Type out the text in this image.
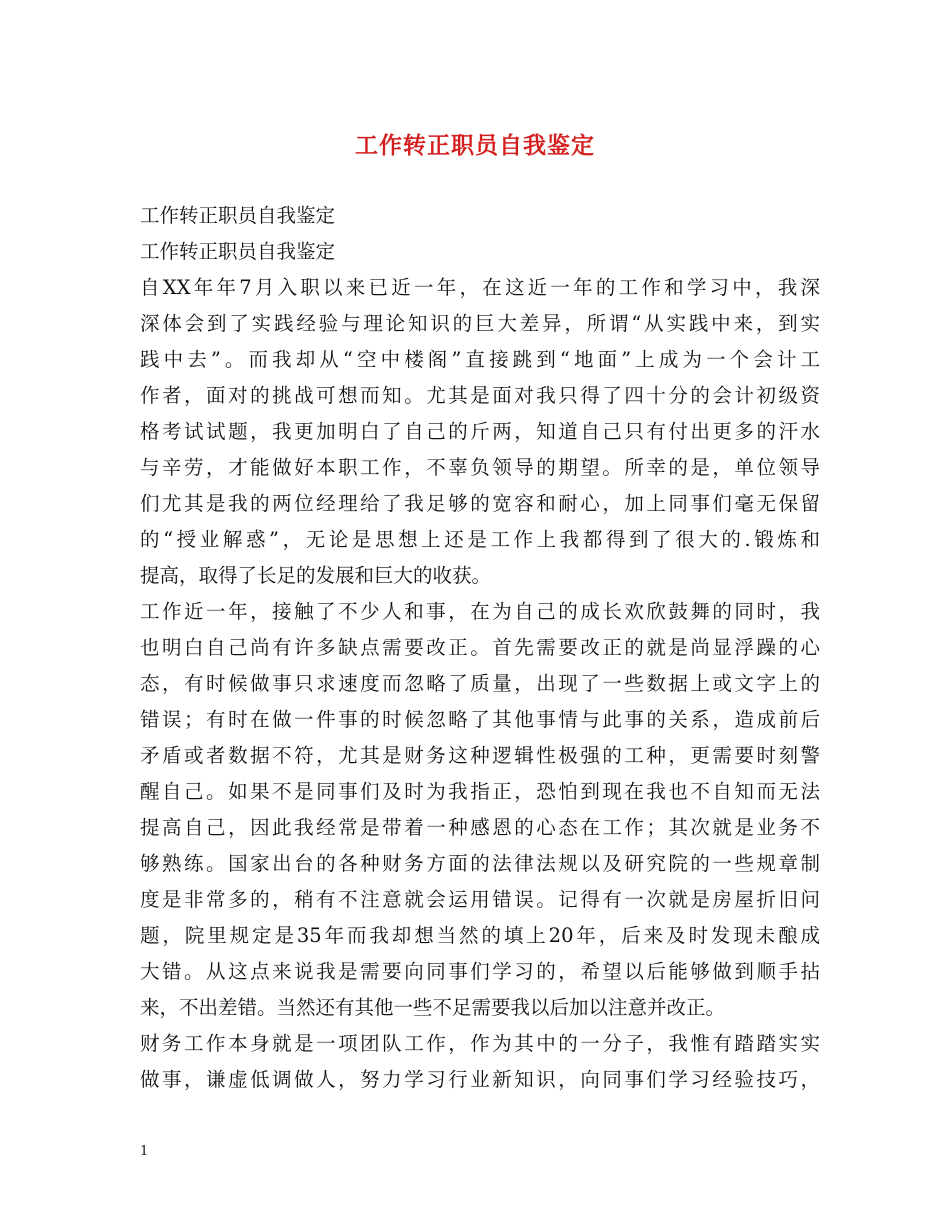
工作转正职员自我鉴定
工作转正职员自我鉴定
工作转正职员自我鉴定
自XX年年7月入职以来已近一年，在这近一年的工作和学习中，我深
深体会到了实践经验与理论知识的巨大差异，所谓“从实践中来，到实
践中去”。而我却从“空中楼阁”直接跳到“地面”上成为一个会计工
作者，面对的挑战可想而知。尤其是面对我只得了四十分的会计初级资
格考试试题，我更加明白了自己的斤两，知道自己只有付出更多的汗水
与辛劳，才能做好本职工作，不辜负领导的期望。所幸的是，单位领导
们尤其是我的两位经理给了我足够的宽容和耐心，加上同事们毫无保留
的“授业解惑”，无论是思想上还是工作上我都得到了很大的.锻炼和
提高，取得了长足的发展和巨大的收获。
工作近一年，接触了不少人和事，在为自己的成长欢欣鼓舞的同时，我
也明白自己尚有许多缺点需要改正。首先需要改正的就是尚显浮躁的心
态，有时候做事只求速度而忽略了质量，出现了一些数据上或文字上的
错误；有时在做一件事的时候忽略了其他事情与此事的关系，造成前后
矛盾或者数据不符，尤其是财务这种逻辑性极强的工种，更需要时刻警
醒自己。如果不是同事们及时为我指正，恐怕到现在我也不自知而无法
提高自己，因此我经常是带着一种感恩的心态在工作；其次就是业务不
够熟练。国家出台的各种财务方面的法律法规以及研究院的一些规章制
度是非常多的，稍有不注意就会运用错误。记得有一次就是房屋折旧问
题，院里规定是35年而我却想当然的填上20年，后来及时发现未酿成
大错。从这点来说我是需要向同事们学习的，希望以后能够做到顺手拈
来，不出差错。当然还有其他一些不足需要我以后加以注意并改正。
财务工作本身就是一项团队工作，作为其中的一分子，我惟有踏踏实实
做事，谦虚低调做人，努力学习行业新知识，向同事们学习经验技巧，
1
